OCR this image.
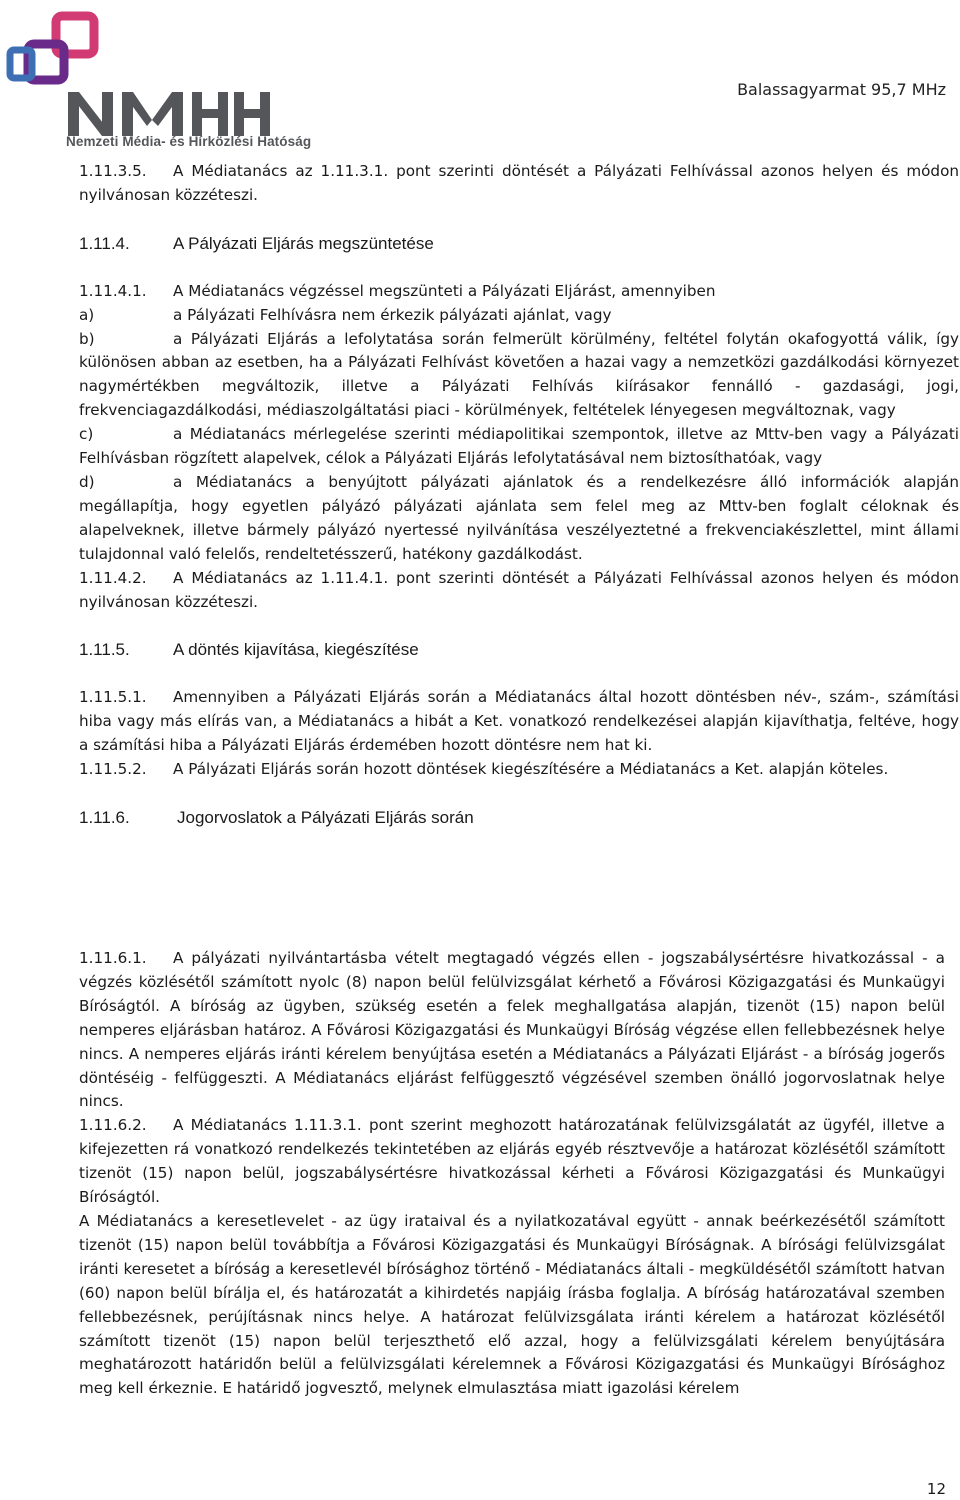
Nemzeti Média- és Hírközlési Hatóság
Balassagyarmat 95,7 MHz

1.11.3.5. A Médiatanács az 1.11.3.1. pont szerinti döntését a Pályázati Felhívással azonos helyen és módon nyilvánosan közzéteszi.

1.11.4.	A Pályázati Eljárás megszüntetése

1.11.4.1. A Médiatanács végzéssel megszünteti a Pályázati Eljárást, amennyiben

a)	a Pályázati Felhívásra nem érkezik pályázati ajánlat, vagy

b)	a Pályázati Eljárás a lefolytatása során felmerült körülmény, feltétel folytán okafogyottá válik, így különösen abban az esetben, ha a Pályázati Felhívást követően a hazai vagy a nemzetközi gazdálkodási környezet nagymértékben megváltozik, illetve a Pályázati Felhívás kiírásakor fennálló - gazdasági, jogi, frekvenciagazdálkodási, médiaszolgáltatási piaci - körülmények, feltételek lényegesen megváltoznak, vagy

c)	a Médiatanács mérlegelése szerinti médiapolitikai szempontok, illetve az Mttv-ben vagy a Pályázati Felhívásban rögzített alapelvek, célok a Pályázati Eljárás lefolytatásával nem biztosíthatóak, vagy

d)	a Médiatanács a benyújtott pályázati ajánlatok és a rendelkezésre álló információk alapján megállapítja, hogy egyetlen pályázó pályázati ajánlata sem felel meg az Mttv-ben foglalt céloknak és alapelveknek, illetve bármely pályázó nyertessé nyilvánítása veszélyeztetné a frekvenciakészlettel, mint állami tulajdonnal való felelős, rendeltetésszerű, hatékony gazdálkodást.

1.11.4.2. A Médiatanács az 1.11.4.1. pont szerinti döntését a Pályázati Felhívással azonos helyen és módon nyilvánosan közzéteszi.

1.11.5.	A döntés kijavítása, kiegészítése

1.11.5.1. Amennyiben a Pályázati Eljárás során a Médiatanács által hozott döntésben név-, szám-, számítási hiba vagy más elírás van, a Médiatanács a hibát a Ket. vonatkozó rendelkezései alapján kijavíthatja, feltéve, hogy a számítási hiba a Pályázati Eljárás érdemében hozott döntésre nem hat ki.

1.11.5.2. A Pályázati Eljárás során hozott döntések kiegészítésére a Médiatanács a Ket. alapján köteles.

1.11.6.	Jogorvoslatok a Pályázati Eljárás során

1.11.6.1. A pályázati nyilvántartásba vételt megtagadó végzés ellen - jogszabálysértésre hivatkozással - a végzés közlésétől számított nyolc (8) napon belül felülvizsgálat kérhető a Fővárosi Közigazgatási és Munkaügyi Bíróságtól. A bíróság az ügyben, szükség esetén a felek meghallgatása alapján, tizenöt (15) napon belül nemperes eljárásban határoz. A Fővárosi Közigazgatási és Munkaügyi Bíróság végzése ellen fellebbezésnek helye nincs. A nemperes eljárás iránti kérelem benyújtása esetén a Médiatanács a Pályázati Eljárást - a bíróság jogerős döntéséig - felfüggeszti. A Médiatanács eljárást felfüggesztő végzésével szemben önálló jogorvoslatnak helye nincs.

1.11.6.2. A Médiatanács 1.11.3.1. pont szerint meghozott határozatának felülvizsgálatát az ügyfél, illetve a kifejezetten rá vonatkozó rendelkezés tekintetében az eljárás egyéb résztvevője a határozat közlésétől számított tizenöt (15) napon belül, jogszabálysértésre hivatkozással kérheti a Fővárosi Közigazgatási és Munkaügyi Bíróságtól.

A Médiatanács a keresetlevelet - az ügy irataival és a nyilatkozatával együtt - annak beérkezésétől számított tizenöt (15) napon belül továbbítja a Fővárosi Közigazgatási és Munkaügyi Bíróságnak. A bírósági felülvizsgálat iránti keresetet a bíróság a keresetlevél bírósághoz történő - Médiatanács általi - megküldésétől számított hatvan (60) napon belül bírálja el, és határozatát a kihirdetés napjáig írásba foglalja. A bíróság határozatával szemben fellebbezésnek, perújításnak nincs helye. A határozat felülvizsgálata iránti kérelem a határozat közlésétől számított tizenöt (15) napon belül terjeszthető elő azzal, hogy a felülvizsgálati kérelem benyújtására meghatározott határidőn belül a felülvizsgálati kérelemnek a Fővárosi Közigazgatási és Munkaügyi Bírósághoz meg kell érkeznie. E határidő jogvesztő, melynek elmulasztása miatt igazolási kérelem

12
